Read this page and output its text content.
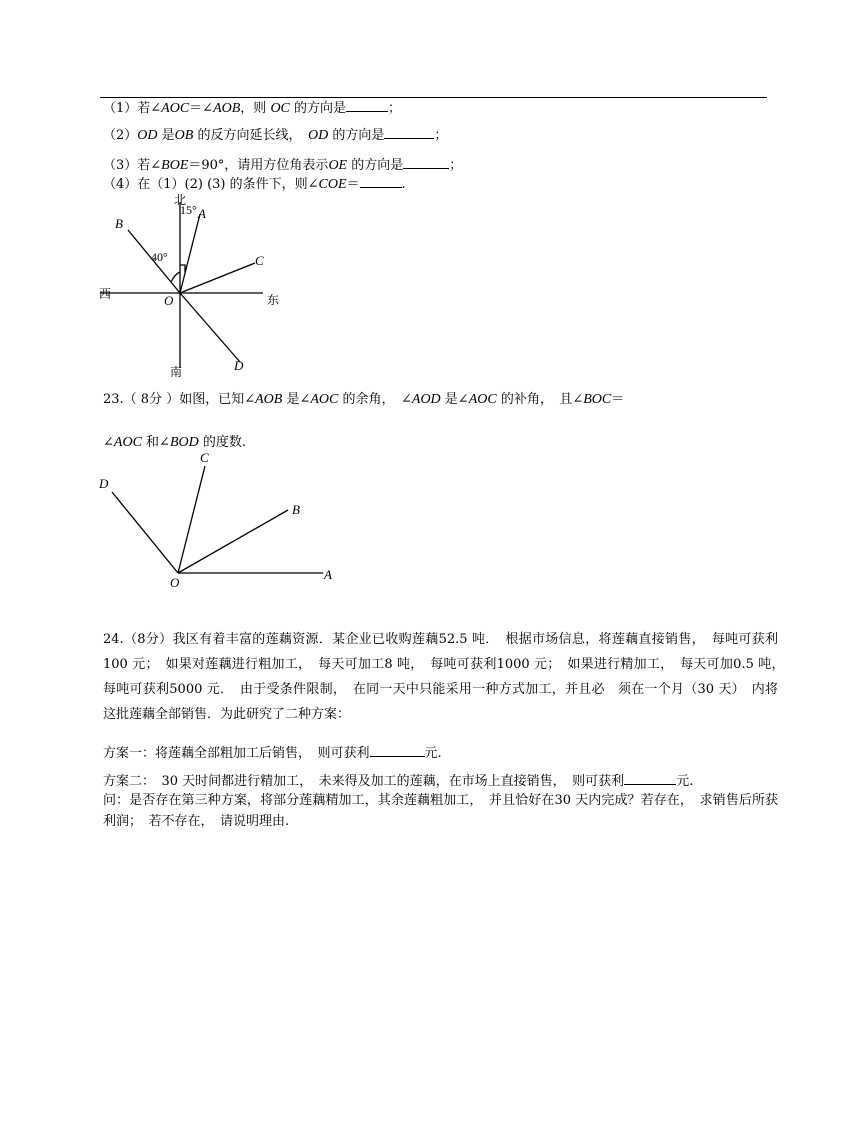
（1）若∠AOC＝∠AOB，则 OC 的方向是	；
（2）OD 是OB 的反方向延长线，　OD 的方向是	；
（3）若∠BOE＝90°，请用方位角表示OE 的方向是	；
（4）在（1）(2) (3) 的条件下，则∠COE＝	.
北
南
西	东
15°
40°
A
B
C
D
O
23.（ 8分 ）如图，已知∠AOB 是∠AOC 的余角，　∠AOD 是∠AOC 的补角，　且∠BOC＝
∠AOC 和∠BOD 的度数.
A
B
C
D
O
24.（8分）我区有着丰富的莲藕资源．某企业已收购莲藕52.5 吨．　根据市场信息，将莲藕直接销售，　每吨可获利　100 元；　如果对莲藕进行粗加工，　每天可加工8 吨，　每吨可获利1000 元；　如果进行精加工，　每天可加0.5 吨，　每吨可获利5000 元．　由于受条件限制，　在同一天中只能采用一种方式加工，并且必　须在一个月（30 天）　内将这批莲藕全部销售．为此研究了二种方案：
方案一：将莲藕全部粗加工后销售，　则可获利	元.
方案二：　30 天时间都进行精加工，　未来得及加工的莲藕，在市场上直接销售，　则可获利	元.
问：是否存在第三种方案，将部分莲藕精加工，其余莲藕粗加工，　并且恰好在30 天内完成？若存在，　求销售后所获利润；　若不存在，　请说明理由.
